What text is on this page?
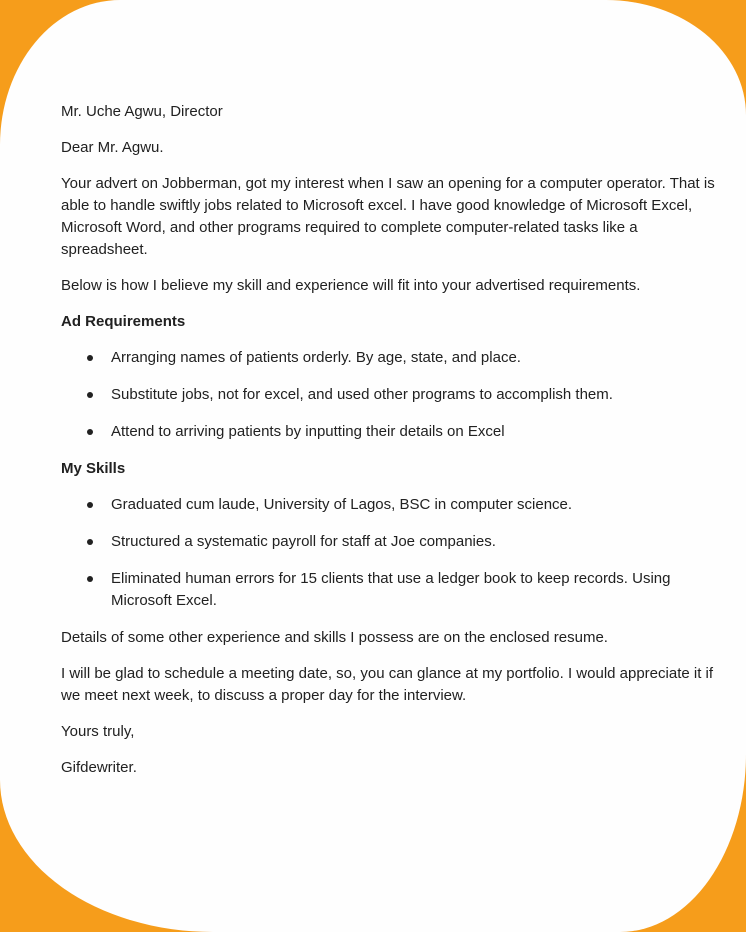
Mr. Uche Agwu, Director

Dear Mr. Agwu.

Your advert on Jobberman, got my interest when I saw an opening for a computer operator. That is able to handle swiftly jobs related to Microsoft excel. I have good knowledge of Microsoft Excel, Microsoft Word, and other programs required to complete computer-related tasks like a spreadsheet.

Below is how I believe my skill and experience will fit into your advertised requirements.

Ad Requirements
Arranging names of patients orderly. By age, state, and place.
Substitute jobs, not for excel, and used other programs to accomplish them.
Attend to arriving patients by inputting their details on Excel
My Skills
Graduated cum laude, University of Lagos, BSC in computer science.
Structured a systematic payroll for staff at Joe companies.
Eliminated human errors for 15 clients that use a ledger book to keep records. Using Microsoft Excel.

Details of some other experience and skills I possess are on the enclosed resume.

I will be glad to schedule a meeting date, so, you can glance at my portfolio. I would appreciate it if we meet next week, to discuss a proper day for the interview.

Yours truly,

Gifdewriter.
